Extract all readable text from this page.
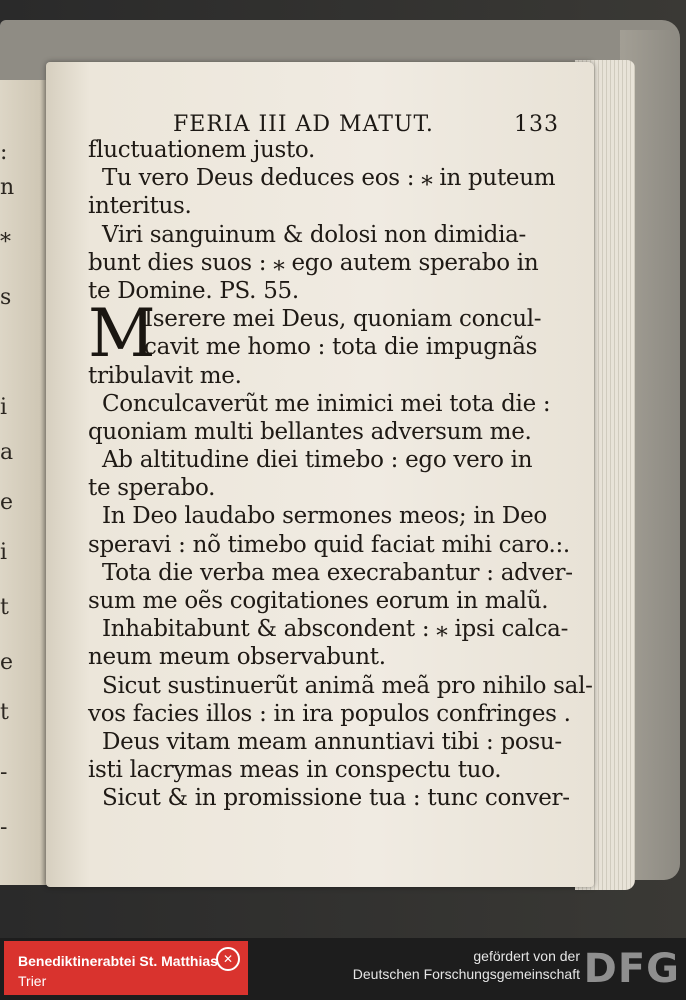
:
n
*
s
i
a
e
i
t
e
t
-
-
FERIA III AD MATUT.	133
fluctuationem justo.
Tu vero Deus deduces eos : ⁎ in puteum
interitus.
Viri sanguinum & dolosi non dimidia-
bunt dies suos : ⁎ ego autem sperabo in
te Domine. PS. 55.
M
Iserere mei Deus, quoniam concul-
cavit me homo : tota die impugnãs
tribulavit me.
Conculcaverũt me inimici mei tota die :
quoniam multi bellantes adversum me.
Ab altitudine diei timebo : ego vero in
te sperabo.
In Deo laudabo sermones meos; in Deo
speravi : nõ timebo quid faciat mihi caro.:.
Tota die verba mea execrabantur : adver-
sum me oẽs cogitationes eorum in malũ.
Inhabitabunt & abscondent : ⁎ ipsi calca-
neum meum observabunt.
Sicut sustinuerũt animã meã pro nihilo sal-
vos facies illos : in ira populos confringes .
Deus vitam meam annuntiavi tibi : posu-
isti lacrymas meas in conspectu tuo.
Sicut & in promissione tua : tunc conver-
Benediktinerabtei St. Matthias
Trier
✕	gefördert von der
Deutschen Forschungsgemeinschaft DFG
